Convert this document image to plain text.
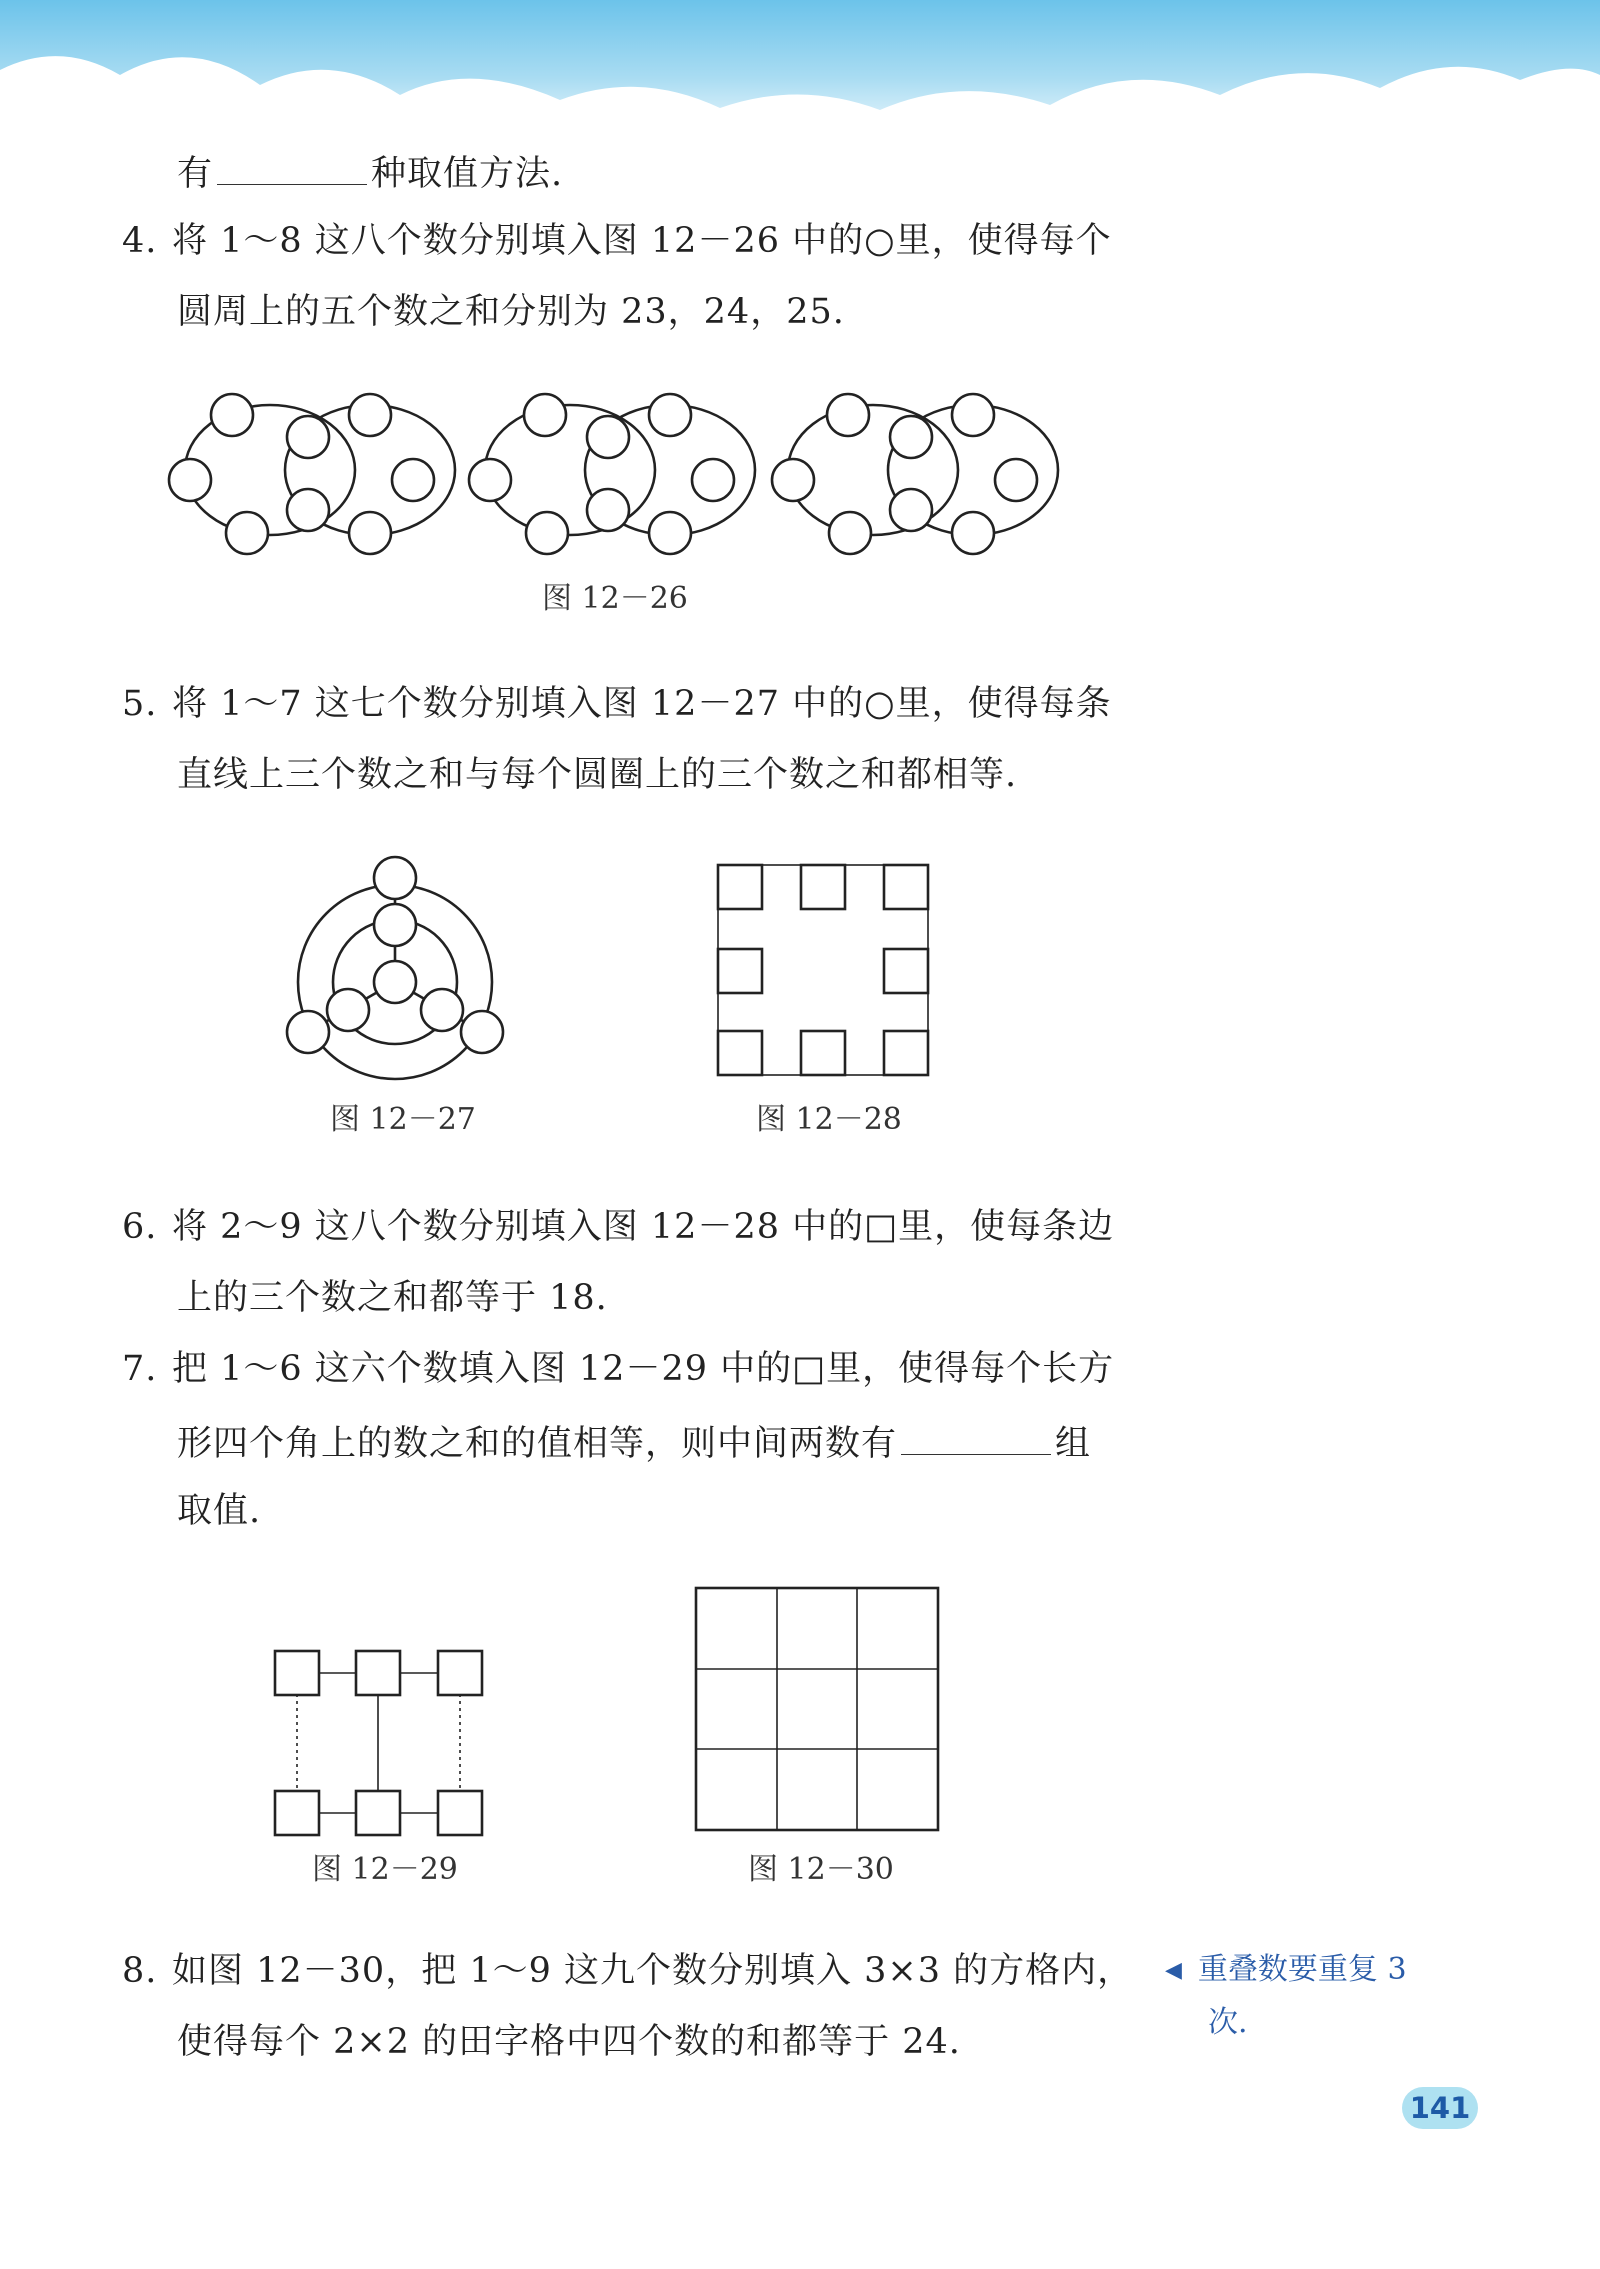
有	种取值方法.
4. 将 1～8 这八个数分别填入图 12－26 中的○里，使得每个
圆周上的五个数之和分别为 23，24，25.
图 12－26
5. 将 1～7 这七个数分别填入图 12－27 中的○里，使得每条
直线上三个数之和与每个圆圈上的三个数之和都相等.
图 12－27	图 12－28
6. 将 2～9 这八个数分别填入图 12－28 中的□里，使每条边
上的三个数之和都等于 18.
7. 把 1～6 这六个数填入图 12－29 中的□里，使得每个长方
形四个角上的数之和的值相等，则中间两数有	组
取值.
图 12－29	图 12－30
8. 如图 12－30，把 1～9 这九个数分别填入 3×3 的方格内，
使得每个 2×2 的田字格中四个数的和都等于 24.
◀ 重叠数要重复 3
次.
141
